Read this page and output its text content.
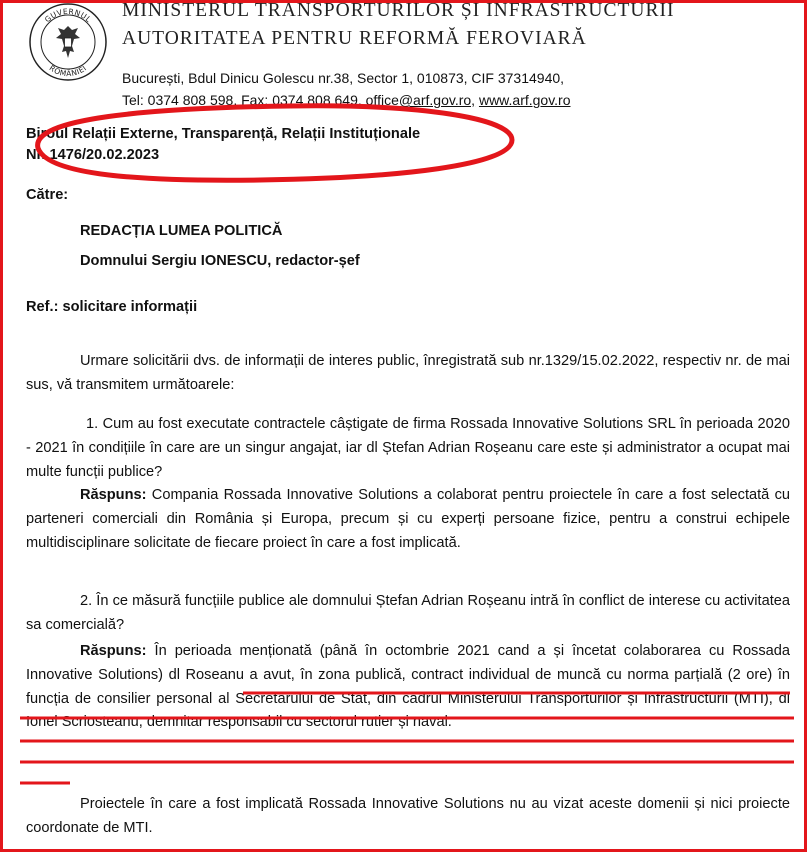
GUVERNUL
ROMÂNIEI
MINISTERUL TRANSPORTURILOR ȘI INFRASTRUCTURII
AUTORITATEA PENTRU REFORMĂ FEROVIARĂ
București, Bdul Dinicu Golescu nr.38, Sector 1, 010873, CIF 37314940,
Tel: 0374 808 598, Fax: 0374 808 649, office@arf.gov.ro, www.arf.gov.ro
Biroul Relații Externe, Transparență, Relații Instituționale
Nr. 1476/20.02.2023
Către:
REDACȚIA LUMEA POLITICĂ
Domnului Sergiu IONESCU, redactor-șef
Ref.: solicitare informații
Urmare solicitării dvs. de informații de interes public, înregistrată sub nr.1329/15.02.2022, respectiv nr. de mai sus, vă transmitem următoarele:
1. Cum au fost executate contractele câștigate de firma Rossada Innovative Solutions SRL în perioada 2020 - 2021 în condițiile în care are un singur angajat, iar dl Ștefan Adrian Roșeanu care este și administrator a ocupat mai multe funcții publice?
Răspuns: Compania Rossada Innovative Solutions a colaborat pentru proiectele în care a fost selectată cu parteneri comerciali din România și Europa, precum și cu experți persoane fizice, pentru a construi echipele multidisciplinare solicitate de fiecare proiect în care a fost implicată.
2. În ce măsură funcțiile publice ale domnului Ștefan Adrian Roșeanu intră în conflict de interese cu activitatea sa comercială?
Răspuns: În perioada menționată (până în octombrie 2021 cand a și încetat colaborarea cu Rossada Innovative Solutions) dl Roseanu a avut, în zona publică, contract individual de muncă cu norma parțială (2 ore) în funcția de consilier personal al Secretarului de Stat, din cadrul Ministerului Transporturilor și Infrastructurii (MTI), dl Ionel Scriosteanu, demnitar responsabil cu sectorul rutier și naval.
Proiectele în care a fost implicată Rossada Innovative Solutions nu au vizat aceste domenii și nici proiecte coordonate de MTI.
